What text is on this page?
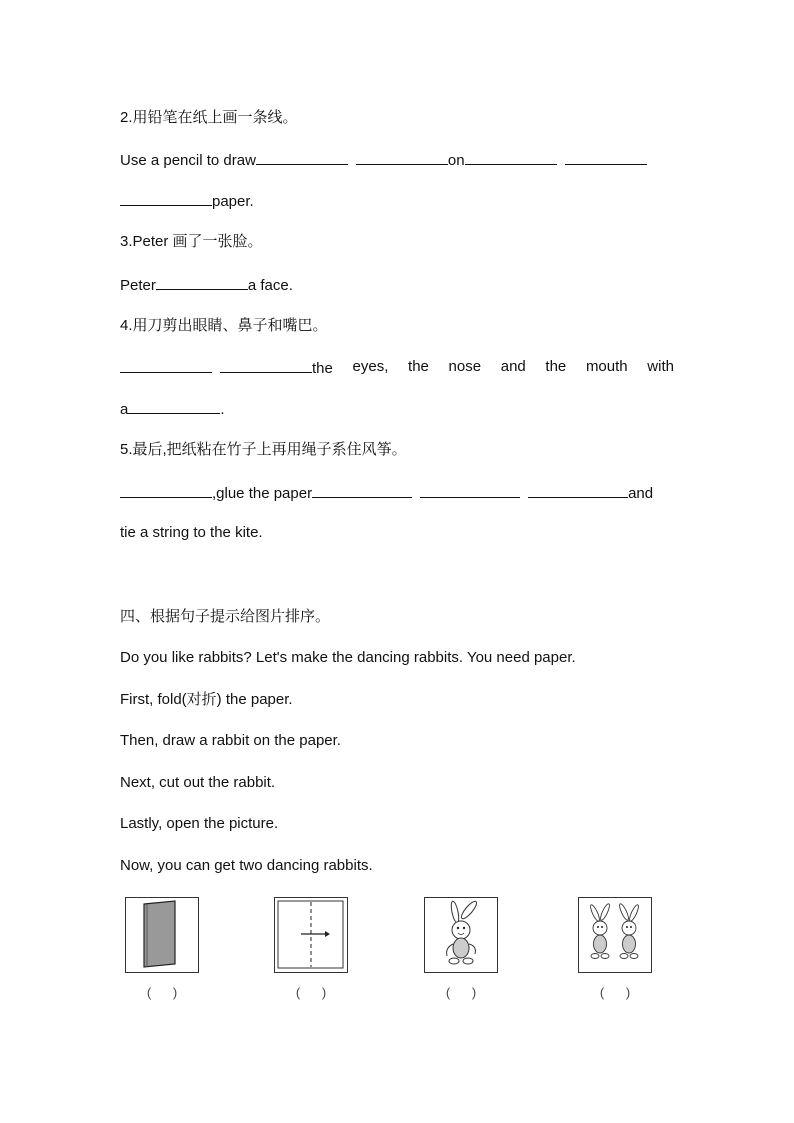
2.用铅笔在纸上画一条线。
Use a pencil to draw	on
paper.
3.Peter 画了一张脸。
Peter	a face.
4.用刀剪出眼睛、鼻子和嘴巴。
the eyes, the nose and the mouth with
a	.
5.最后,把纸粘在竹子上再用绳子系住风筝。
,glue the paper	and
tie a string to the kite.
四、根据句子提示给图片排序。
Do you like rabbits? Let's make the dancing rabbits. You need paper.
First, fold(对折) the paper.
Then, draw a rabbit on the paper.
Next, cut out the rabbit.
Lastly, open the picture.
Now, you can get two dancing rabbits.
(      )	(      )	(      )	(      )
